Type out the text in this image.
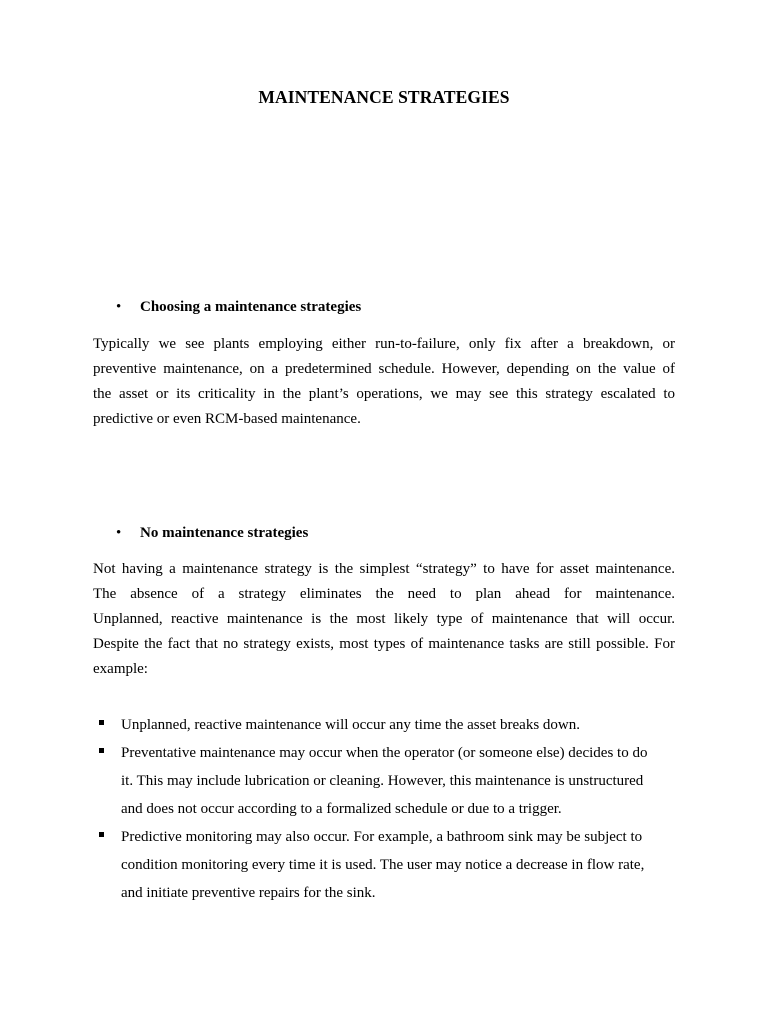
MAINTENANCE STRATEGIES
• Choosing a maintenance strategies
Typically we see plants employing either run-to-failure, only fix after a breakdown, or
preventive maintenance, on a predetermined schedule. However, depending on the value of
the asset or its criticality in the plant’s operations, we may see this strategy escalated to
predictive or even RCM-based maintenance.
• No maintenance strategies
Not having a maintenance strategy is the simplest “strategy” to have for asset maintenance.
The absence of a strategy eliminates the need to plan ahead for maintenance.
Unplanned, reactive maintenance is the most likely type of maintenance that will occur.
Despite the fact that no strategy exists, most types of maintenance tasks are still possible. For
example:
Unplanned, reactive maintenance will occur any time the asset breaks down.
Preventative maintenance may occur when the operator (or someone else) decides to do
it. This may include lubrication or cleaning. However, this maintenance is unstructured
and does not occur according to a formalized schedule or due to a trigger.
Predictive monitoring may also occur. For example, a bathroom sink may be subject to
condition monitoring every time it is used. The user may notice a decrease in flow rate,
and initiate preventive repairs for the sink.
